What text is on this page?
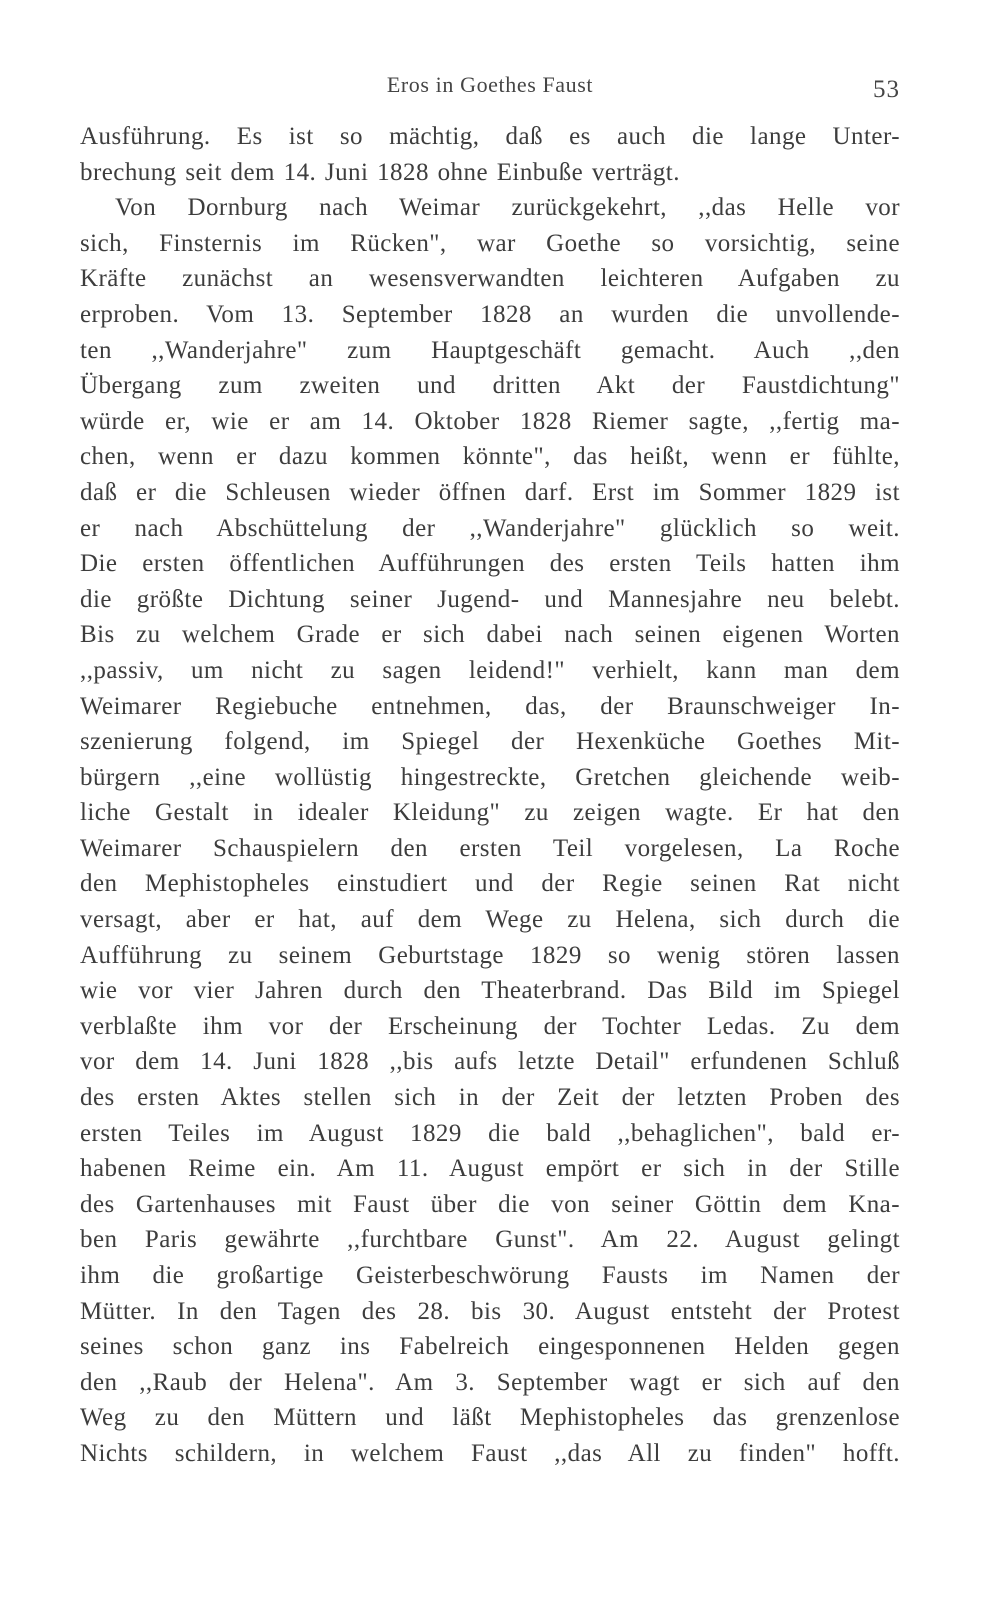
Eros in Goethes Faust	53
Ausführung. Es ist so mächtig, daß es auch die lange Unter-
brechung seit dem 14. Juni 1828 ohne Einbuße verträgt.
Von Dornburg nach Weimar zurückgekehrt, ,,das Helle vor
sich, Finsternis im Rücken", war Goethe so vorsichtig, seine
Kräfte zunächst an wesensverwandten leichteren Aufgaben zu
erproben. Vom 13. September 1828 an wurden die unvollende-
ten ,,Wanderjahre" zum Hauptgeschäft gemacht. Auch ,,den
Übergang zum zweiten und dritten Akt der Faustdichtung"
würde er, wie er am 14. Oktober 1828 Riemer sagte, ,,fertig ma-
chen, wenn er dazu kommen könnte", das heißt, wenn er fühlte,
daß er die Schleusen wieder öffnen darf. Erst im Sommer 1829 ist
er nach Abschüttelung der ,,Wanderjahre" glücklich so weit.
Die ersten öffentlichen Aufführungen des ersten Teils hatten ihm
die größte Dichtung seiner Jugend- und Mannesjahre neu belebt.
Bis zu welchem Grade er sich dabei nach seinen eigenen Worten
,,passiv, um nicht zu sagen leidend!" verhielt, kann man dem
Weimarer Regiebuche entnehmen, das, der Braunschweiger In-
szenierung folgend, im Spiegel der Hexenküche Goethes Mit-
bürgern ,,eine wollüstig hingestreckte, Gretchen gleichende weib-
liche Gestalt in idealer Kleidung" zu zeigen wagte. Er hat den
Weimarer Schauspielern den ersten Teil vorgelesen, La Roche
den Mephistopheles einstudiert und der Regie seinen Rat nicht
versagt, aber er hat, auf dem Wege zu Helena, sich durch die
Aufführung zu seinem Geburtstage 1829 so wenig stören lassen
wie vor vier Jahren durch den Theaterbrand. Das Bild im Spiegel
verblaßte ihm vor der Erscheinung der Tochter Ledas. Zu dem
vor dem 14. Juni 1828 ,,bis aufs letzte Detail" erfundenen Schluß
des ersten Aktes stellen sich in der Zeit der letzten Proben des
ersten Teiles im August 1829 die bald ,,behaglichen", bald er-
habenen Reime ein. Am 11. August empört er sich in der Stille
des Gartenhauses mit Faust über die von seiner Göttin dem Kna-
ben Paris gewährte ,,furchtbare Gunst". Am 22. August gelingt
ihm die großartige Geisterbeschwörung Fausts im Namen der
Mütter. In den Tagen des 28. bis 30. August entsteht der Protest
seines schon ganz ins Fabelreich eingesponnenen Helden gegen
den ,,Raub der Helena". Am 3. September wagt er sich auf den
Weg zu den Müttern und läßt Mephistopheles das grenzenlose
Nichts schildern, in welchem Faust ,,das All zu finden" hofft.
